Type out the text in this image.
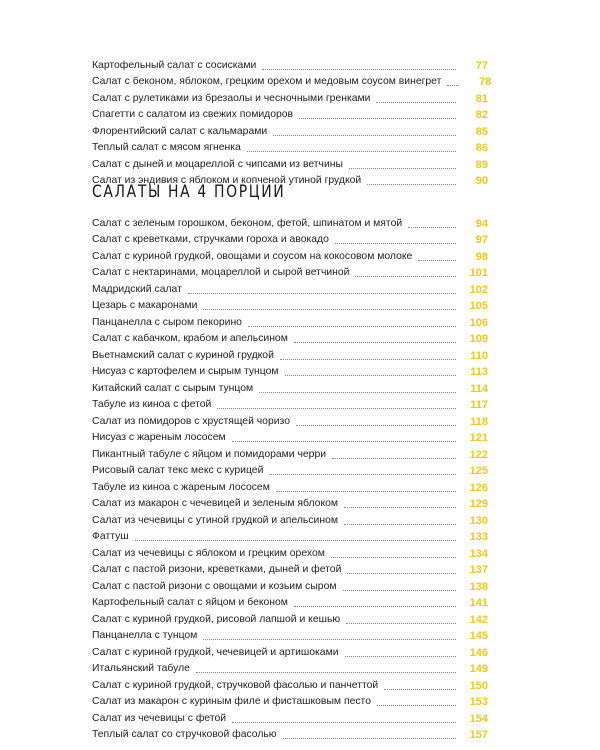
Картофельный салат с сосисками	77
Салат с беконом, яблоком, грецким орехом и медовым соусом винегрет	78
Салат с рулетиками из брезаолы и чесночными гренками	81
Спагетти с салатом из свежих помидоров	82
Флорентийский салат с кальмарами	85
Теплый салат с мясом ягненка	86
Салат с дыней и моцареллой с чипсами из ветчины	89
Салат из эндивия с яблоком и копченой утиной грудкой	90
САЛАТЫ НА 4 ПОРЦИИ
Салат с зеленым горошком, беконом, фетой, шпинатом и мятой	94
Салат с креветками, стручками гороха и авокадо	97
Салат с куриной грудкой, овощами и соусом на кокосовом молоке	98
Салат с нектаринами, моцареллой и сырой ветчиной	101
Мадридский салат	102
Цезарь с макаронами	105
Панцанелла с сыром пекорино	106
Салат с кабачком, крабом и апельсином	109
Вьетнамский салат с куриной грудкой	110
Нисуаз с картофелем и сырым тунцом	113
Китайский салат с сырым тунцом	114
Табуле из киноа с фетой	117
Салат из помидоров с хрустящей чоризо	118
Нисуаз с жареным лососем	121
Пикантный табуле с яйцом и помидорами черри	122
Рисовый салат текс мекс с курицей	125
Табуле из киноа с жареным лососем	126
Салат из макарон с чечевицей и зеленым яблоком	129
Салат из чечевицы с утиной грудкой и апельсином	130
Фаттуш	133
Салат из чечевицы с яблоком и грецким орехом	134
Салат с пастой ризони, креветками, дыней и фетой	137
Салат с пастой ризони с овощами и козьим сыром	138
Картофельный салат с яйцом и беконом	141
Салат с куриной грудкой, рисовой лапшой и кешью	142
Панцанелла с тунцом	145
Салат с куриной грудкой, чечевицей и артишоками	146
Итальянский табуле	149
Салат с куриной грудкой, стручковой фасолью и панчеттой	150
Салат из макарон с куриным филе и фисташковым песто	153
Салат из чечевицы с фетой	154
Теплый салат со стручковой фасолью	157
